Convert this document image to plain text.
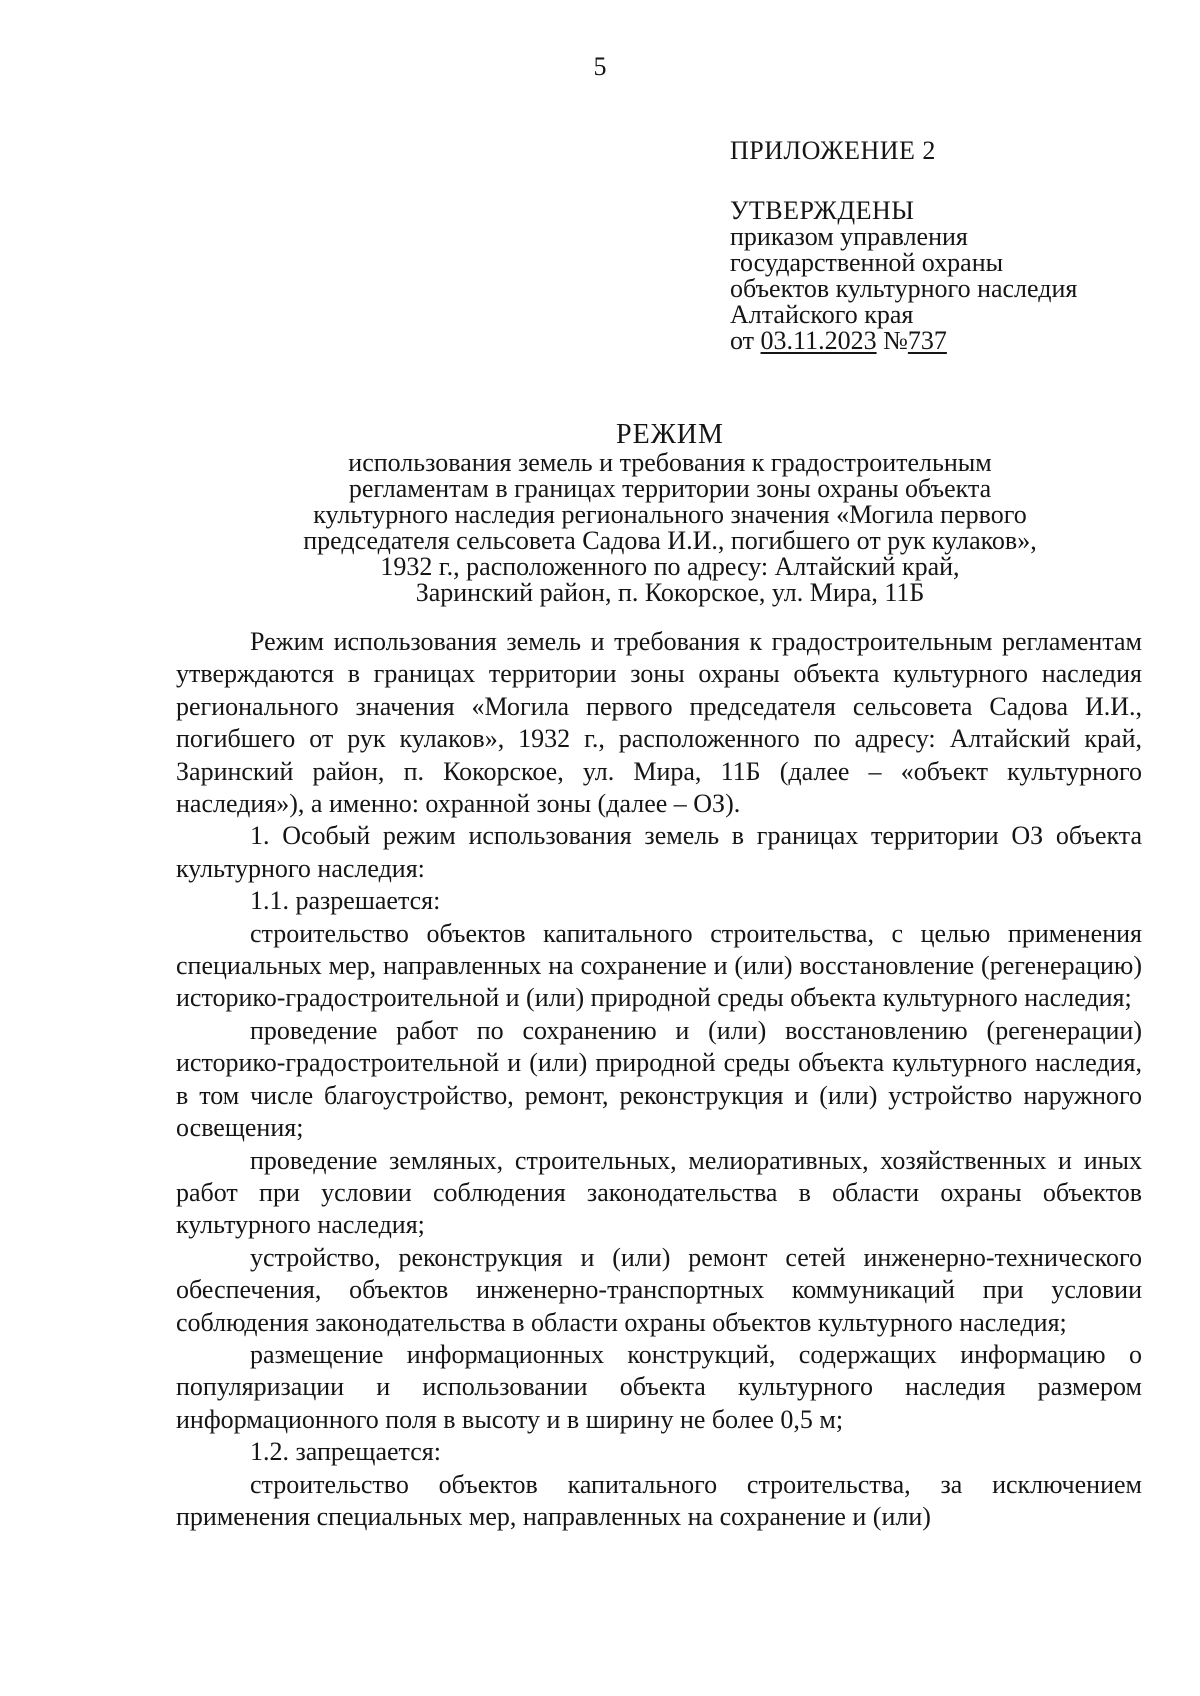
5
ПРИЛОЖЕНИЕ 2
УТВЕРЖДЕНЫ
приказом управления
государственной охраны
объектов культурного наследия
Алтайского края
от 03.11.2023 №737
РЕЖИМ
использования земель и требования к градостроительным
регламентам в границах территории зоны охраны объекта
культурного наследия регионального значения «Могила первого
председателя сельсовета Садова И.И., погибшего от рук кулаков»,
1932 г., расположенного по адресу: Алтайский край,
Заринский район, п. Кокорское, ул. Мира, 11Б

Режим использования земель и требования к градостроительным регламентам утверждаются в границах территории зоны охраны объекта культурного наследия регионального значения «Могила первого председателя сельсовета Садова И.И., погибшего от рук кулаков», 1932 г., расположенного по адресу: Алтайский край, Заринский район, п. Кокорское, ул. Мира, 11Б (далее – «объект культурного наследия»), а именно: охранной зоны (далее – ОЗ).

1. Особый режим использования земель в границах территории ОЗ объекта культурного наследия:

1.1. разрешается:

строительство объектов капитального строительства, с целью применения специальных мер, направленных на сохранение и (или) восстановление (регенерацию) историко-градостроительной и (или) природной среды объекта культурного наследия;

проведение работ по сохранению и (или) восстановлению (регенерации) историко-градостроительной и (или) природной среды объекта культурного наследия, в том числе благоустройство, ремонт, реконструкция и (или) устройство наружного освещения;

проведение земляных, строительных, мелиоративных, хозяйственных и иных работ при условии соблюдения законодательства в области охраны объектов культурного наследия;

устройство, реконструкция и (или) ремонт сетей инженерно-технического обеспечения, объектов инженерно-транспортных коммуникаций при условии соблюдения законодательства в области охраны объектов культурного наследия;

размещение информационных конструкций, содержащих информацию о популяризации и использовании объекта культурного наследия размером информационного поля в высоту и в ширину не более 0,5 м;

1.2. запрещается:

строительство объектов капитального строительства, за исключением применения специальных мер, направленных на сохранение и (или)
